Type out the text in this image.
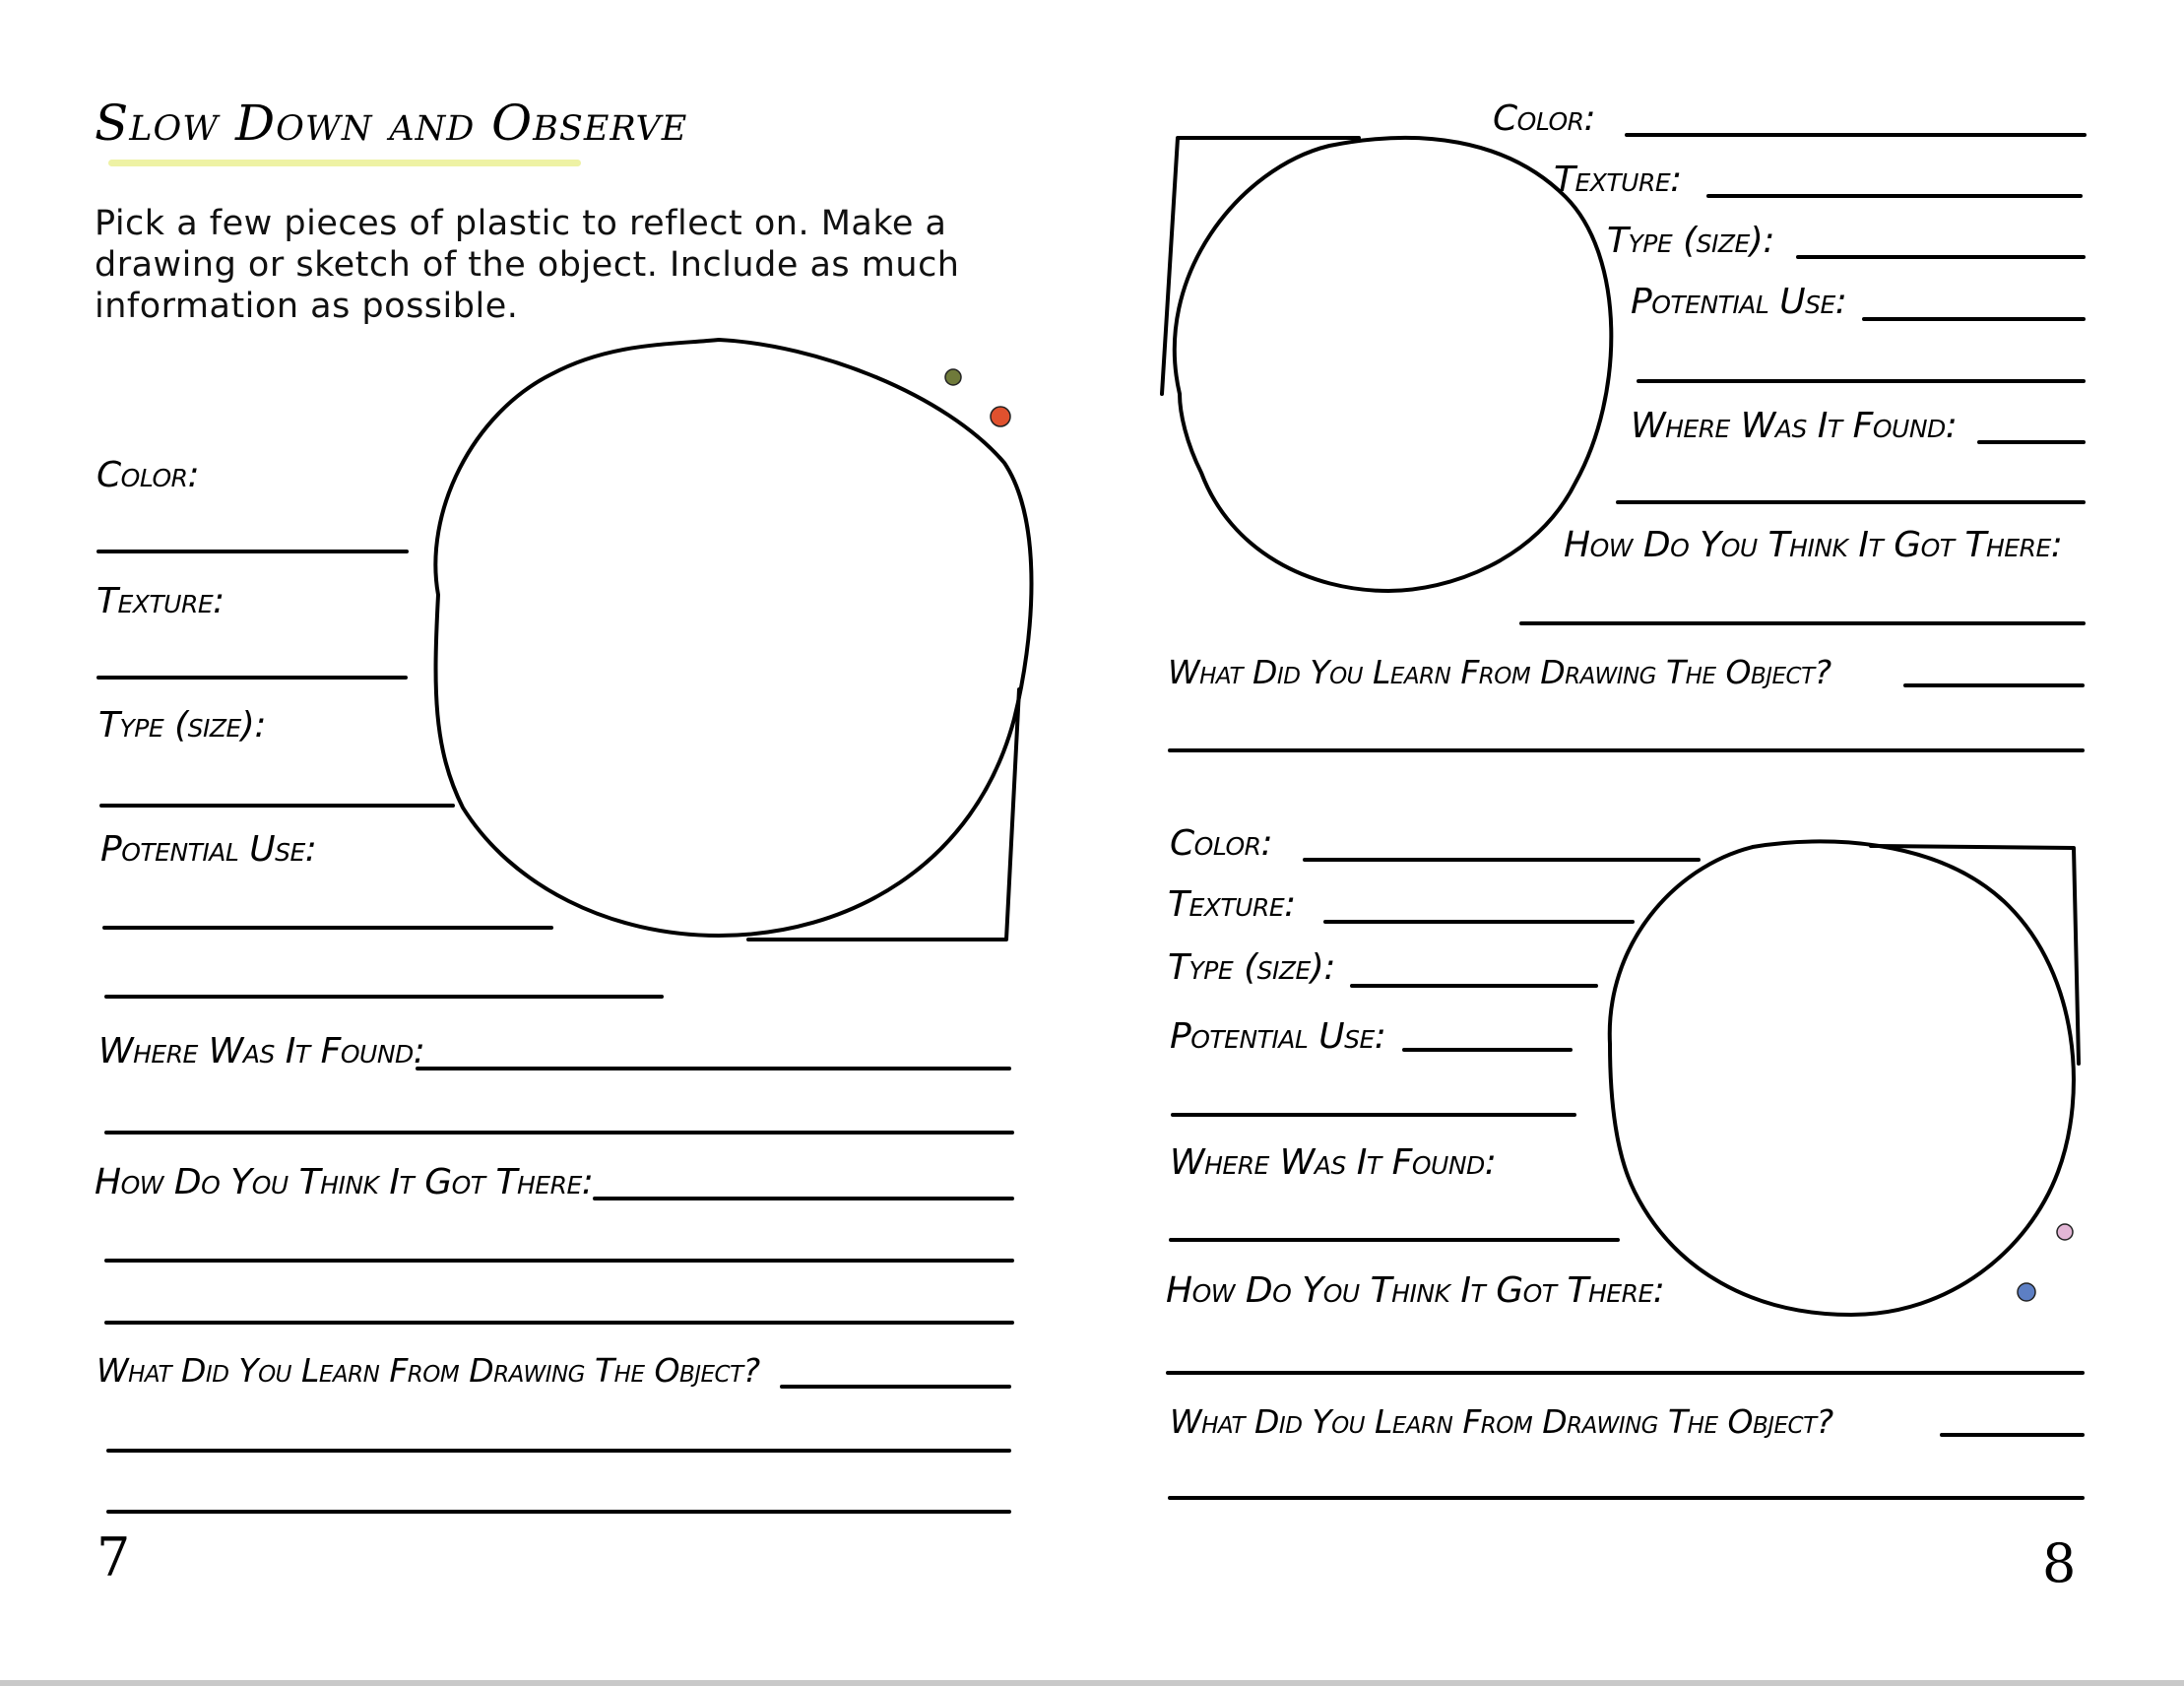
Slow Down and Observe
Pick a few pieces of plastic to reflect on. Make a drawing or sketch of the object. Include as much information as possible.
Color:
Texture:
Type (size):
Potential Use:
Where Was It Found:
How Do You Think It Got There:
What Did You Learn From Drawing The Object?
7
Color:
Texture:
Type (size):
Potential Use:
Where Was It Found:
How Do You Think It Got There:
What Did You Learn From Drawing The Object?
Color:
Texture:
Type (size):
Potential Use:
Where Was It Found:
How Do You Think It Got There:
What Did You Learn From Drawing The Object?
8
